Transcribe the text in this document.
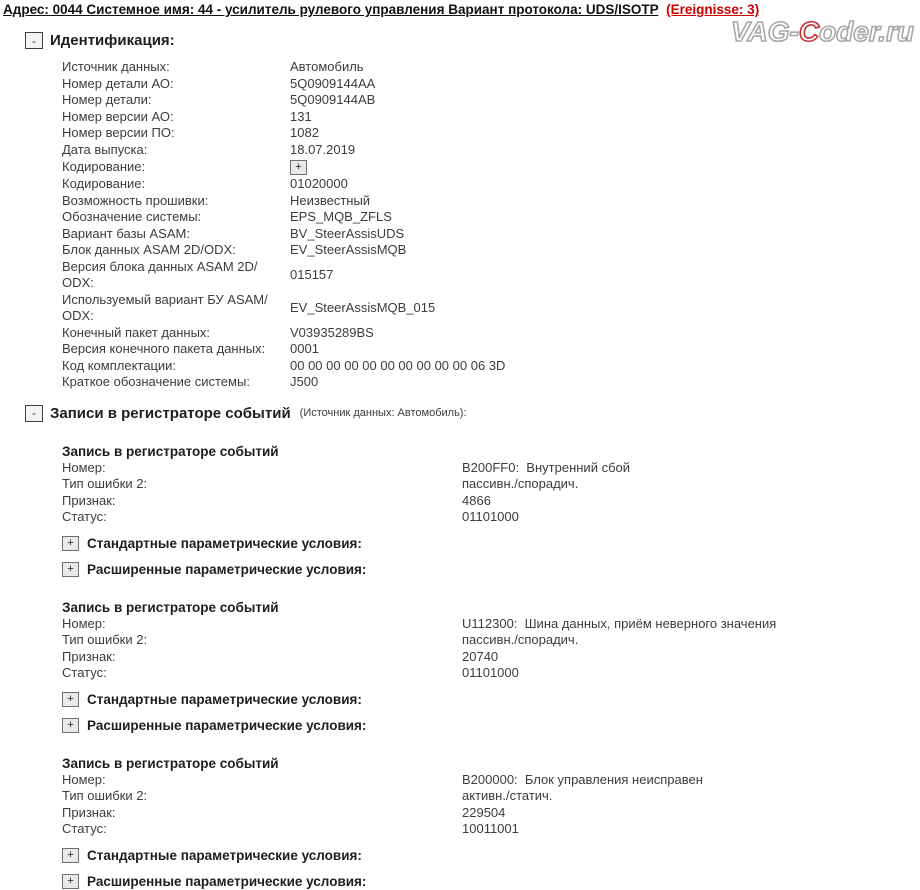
Адрес: 0044 Системное имя: 44 - усилитель рулевого управления Вариант протокола: UDS/ISOTP (Ereignisse: 3)
VAG-Coder.ru
- Идентификация:
Источник данных:	Автомобиль
Номер детали АО:	5Q0909144AA
Номер детали:	5Q0909144AB
Номер версии АО:	131
Номер версии ПО:	1082
Дата выпуска:	18.07.2019
Кодирование:	+
Кодирование:	01020000
Возможность прошивки:	Неизвестный
Обозначение системы:	EPS_MQB_ZFLS
Вариант базы ASAM:	BV_SteerAssisUDS
Блок данных ASAM 2D/ODX:	EV_SteerAssisMQB
Версия блока данных ASAM 2D/
ODX:
015157
Используемый вариант БУ ASAM/
ODX:
EV_SteerAssisMQB_015
Конечный пакет данных:	V03935289BS
Версия конечного пакета данных:	0001
Код комплектации:	00 00 00 00 00 00 00 00 00 00 06 3D
Краткое обозначение системы:	J500
- Записи в регистраторе событий (Источник данных: Автомобиль):
Запись в регистраторе событий
Номер:	B200FF0:  Внутренний сбой
Тип ошибки 2:	пассивн./спорадич.
Признак:	4866
Статус:	01101000
+ Стандартные параметрические условия:
+ Расширенные параметрические условия:
Запись в регистраторе событий
Номер:	U112300:  Шина данных, приём неверного значения
Тип ошибки 2:	пассивн./спорадич.
Признак:	20740
Статус:	01101000
+ Стандартные параметрические условия:
+ Расширенные параметрические условия:
Запись в регистраторе событий
Номер:	B200000:  Блок управления неисправен
Тип ошибки 2:	активн./статич.
Признак:	229504
Статус:	10011001
+ Стандартные параметрические условия:
+ Расширенные параметрические условия:
